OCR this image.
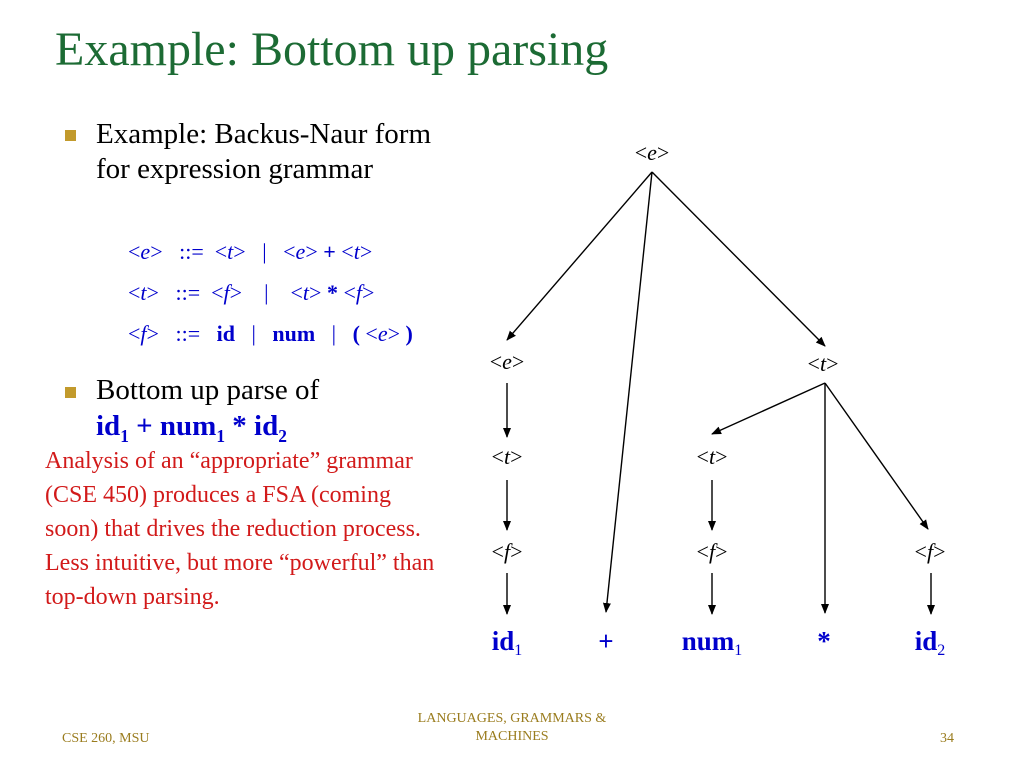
Example: Bottom up parsing
Example: Backus-Naur form for expression grammar
<e>   ::=  <t>   |   <e> + <t>
<t>   ::=  <f>    |    <t> * <f>
<f>   ::= id | num | ( <e> )
Bottom up parse of
$id_1 + num_1 * id_2$
Analysis of an “appropriate” grammar (CSE 450) produces a FSA (coming soon) that drives the reduction process. Less intuitive, but more “powerful” than top-down parsing.
<e>
<e>	<t>
<t>	<t>
<f>	<f>	<f>
id1	+	num1	*	id2
CSE 260, MSU
LANGUAGES, GRAMMARS & MACHINES	34
